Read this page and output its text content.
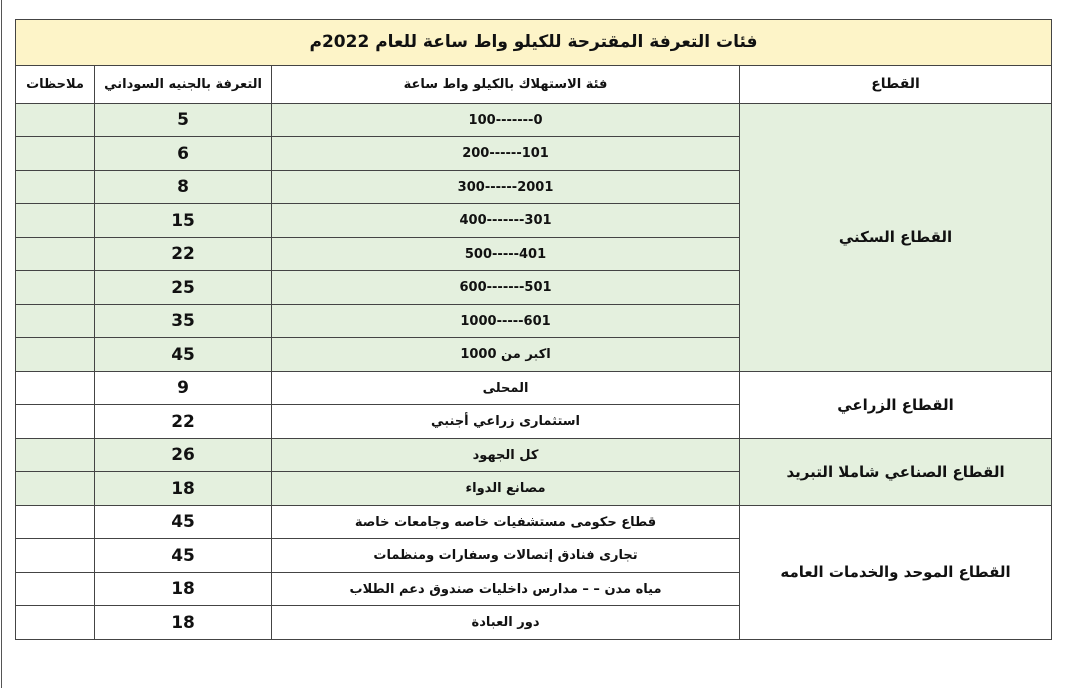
فئات التعرفة المقترحة للكيلو واط ساعة للعام 2022م			
القطاع	فئة الاستهلاك بالكيلو واط ساعة	التعرفة بالجنيه السوداني	ملاحظات
القطاع السكني	0-------100	5	
	101------200	6	
	2001------300	8	
	301-------400	15	
	401-----500	22	
	501-------600	25	
	601-----1000	35	
	اكبر من 1000	45	
القطاع الزراعي	المحلى	9	
	استثمارى زراعي أجنبي	22	
القطاع الصناعي شاملا التبريد	كل الجهود	26	
	مصانع الدواء	18	
القطاع الموحد والخدمات العامه	قطاع حكومى مستشفيات خاصه وجامعات خاصة	45	
	تجارى فنادق إتصالات وسفارات ومنظمات	45	
	مياه مدن – – مدارس داخليات صندوق دعم الطلاب	18	
	دور العبادة	18	
